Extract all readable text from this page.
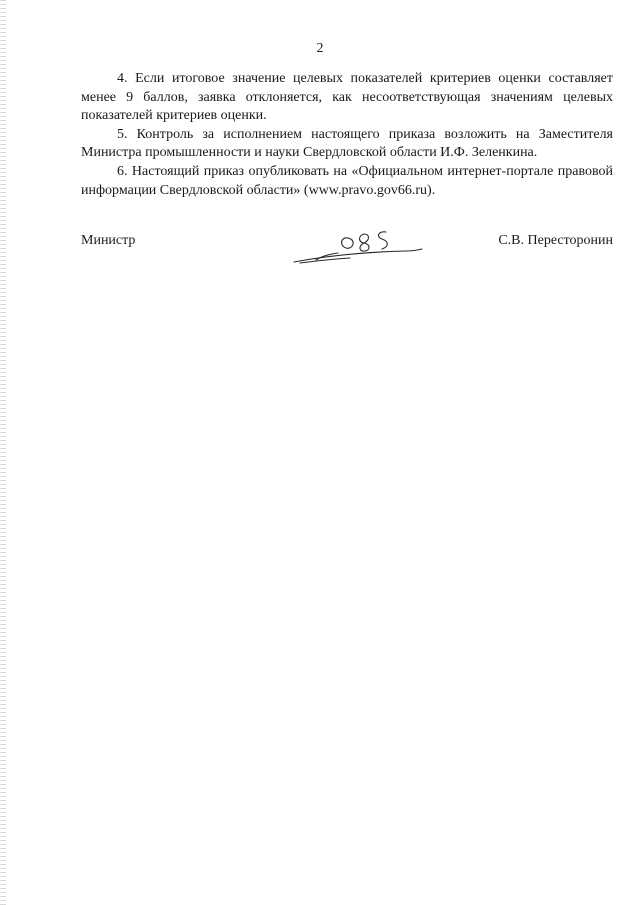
2

4. Если итоговое значение целевых показателей критериев оценки составляет менее 9 баллов, заявка отклоняется, как несоответствующая значениям целевых показателей критериев оценки.

5. Контроль за исполнением настоящего приказа возложить на Заместителя Министра промышленности и науки Свердловской области И.Ф. Зеленкина.

6. Настоящий приказ опубликовать на «Официальном интернет-портале правовой информации Свердловской области» (www.pravo.gov66.ru).

Министр	С.В. Пересторонин
